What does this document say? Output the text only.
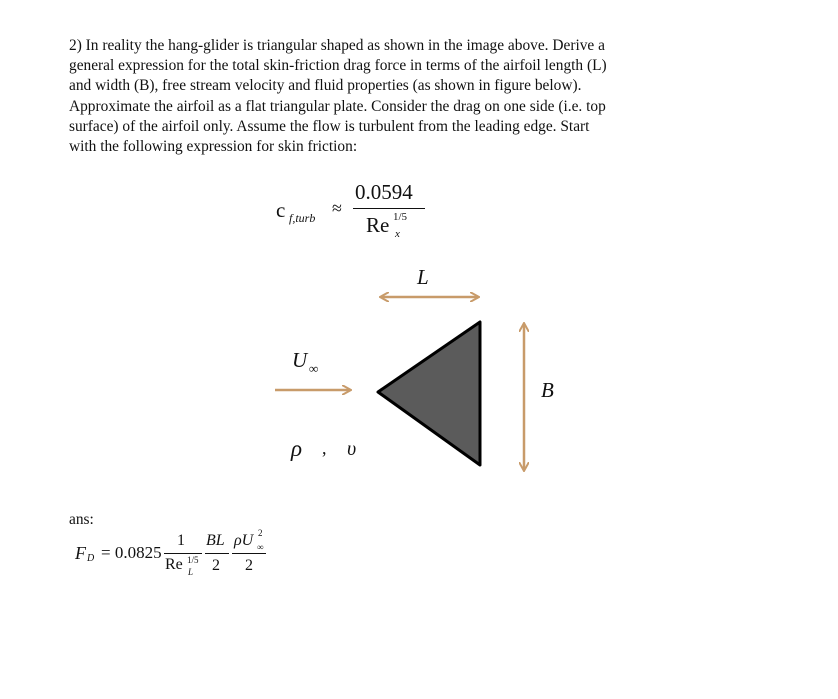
2) In reality the hang-glider is triangular shaped as shown in the image above. Derive a
general expression for the total skin-friction drag force in terms of the airfoil length (L)
and width (B), free stream velocity and fluid properties (as shown in figure below).
Approximate the airfoil as a flat triangular plate. Consider the drag on one side (i.e. top
surface) of the airfoil only. Assume the flow is turbulent from the leading edge. Start
with the following expression for skin friction:

c f,turb ≈
0.0594
Re 1/5
x
L
B
U ∞
ρ , υ
ans:
F D = 0.0825
1
Re 1/5
L
BL
2
ρU 2
∞
2
